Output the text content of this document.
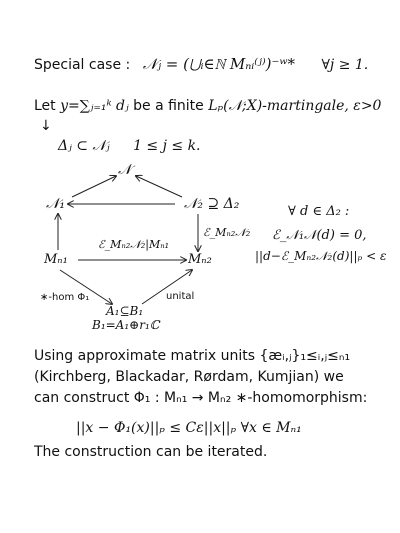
Special case : 𝒩ⱼ = (⋃ᵢ∈ℕ Mₙᵢ⁽ʲ⁾)⁻ʷ* ∀j ≥ 1.
Let y=∑ⱼ₌₁ᵏ dⱼ be a finite Lₚ(𝒩;X)-martingale, ε>0
↓
Δⱼ ⊂ 𝒩ⱼ 1 ≤ j ≤ k.
𝒩
𝒩₁	𝒩₂ ⊇ Δ₂
Mₙ₁	Mₙ₂
ℰ_Mₙ₂𝒩₂
ℰ_Mₙ₂𝒩₂|Mₙ₁
∗-hom Φ₁	unital
A₁⊆B₁
B₁=A₁⊕r₁ℂ
∀ d ∈ Δ₂ :
ℰ_𝒩₁𝒩(d) = 0,
||d−ℰ_Mₙ₂𝒩₂(d)||ₚ < ε
Using approximate matrix units {æᵢ,ⱼ}₁≤ᵢ,ⱼ≤ₙ₁
(Kirchberg, Blackadar, Rørdam, Kumjian) we
can construct Φ₁ : Mₙ₁ → Mₙ₂ ∗-homomorphism:
||x − Φ₁(x)||ₚ ≤ Cε||x||ₚ ∀x ∈ Mₙ₁
The construction can be iterated.
